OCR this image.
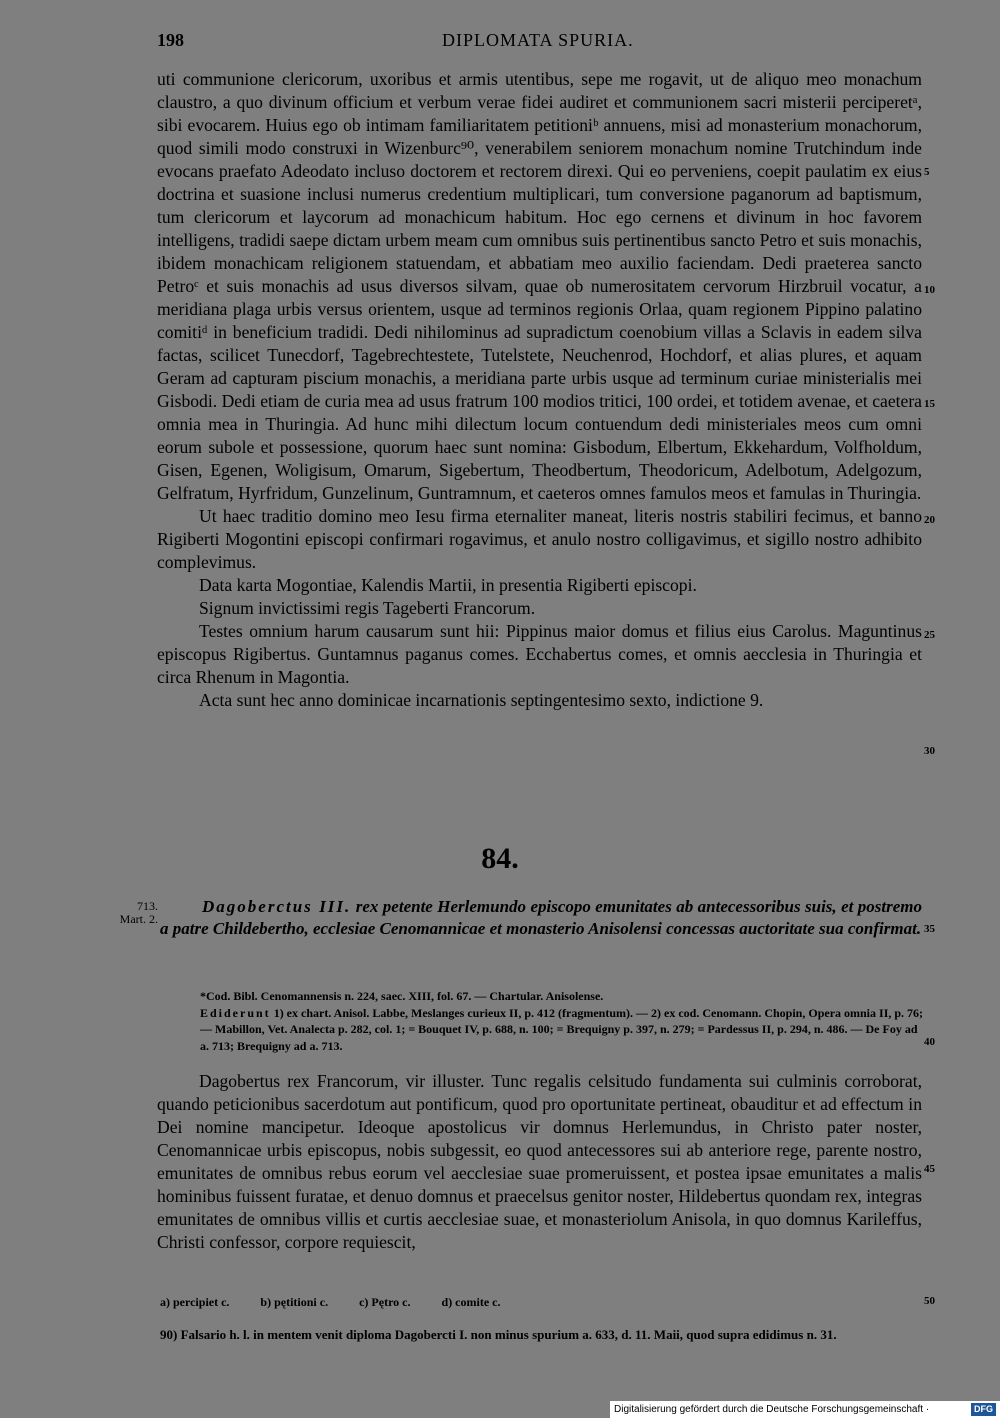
198	DIPLOMATA SPURIA.

uti communione clericorum, uxoribus et armis utentibus, sepe me rogavit, ut de aliquo meo monachum claustro, a quo divinum officium et verbum verae fidei audiret et communionem sacri misterii perciperetᵃ, sibi evocarem. Huius ego ob intimam familiaritatem petitioniᵇ annuens, misi ad monasterium monachorum, quod simili modo construxi in Wizenburc⁹⁰, venerabilem seniorem monachum nomine Trutchindum inde evocans praefato Adeodato incluso doctorem et rectorem direxi. Qui eo perveniens, coepit paulatim ex eius doctrina et suasione inclusi numerus credentium multiplicari, tum conversione paganorum ad baptismum, tum clericorum et laycorum ad monachicum habitum. Hoc ego cernens et divinum in hoc favorem intelligens, tradidi saepe dictam urbem meam cum omnibus suis pertinentibus sancto Petro et suis monachis, ibidem monachicam religionem statuendam, et abbatiam meo auxilio faciendam. Dedi praeterea sancto Petroᶜ et suis monachis ad usus diversos silvam, quae ob numerositatem cervorum Hirzbruil vocatur, a meridiana plaga urbis versus orientem, usque ad terminos regionis Orlaa, quam regionem Pippino palatino comitiᵈ in beneficium tradidi. Dedi nihilominus ad supradictum coenobium villas a Sclavis in eadem silva factas, scilicet Tunecdorf, Tagebrechtestete, Tutelstete, Neuchenrod, Hochdorf, et alias plures, et aquam Geram ad capturam piscium monachis, a meridiana parte urbis usque ad terminum curiae ministerialis mei Gisbodi. Dedi etiam de curia mea ad usus fratrum 100 modios tritici, 100 ordei, et totidem avenae, et caetera omnia mea in Thuringia. Ad hunc mihi dilectum locum contuendum dedi ministeriales meos cum omni eorum subole et possessione, quorum haec sunt nomina: Gisbodum, Elbertum, Ekkehardum, Volfholdum, Gisen, Egenen, Woligisum, Omarum, Sigebertum, Theodbertum, Theodoricum, Adelbotum, Adelgozum, Gelfratum, Hyrfridum, Gunzelinum, Guntramnum, et caeteros omnes famulos meos et famulas in Thuringia.

Ut haec traditio domino meo Iesu firma eternaliter maneat, literis nostris stabiliri fecimus, et banno Rigiberti Mogontini episcopi confirmari rogavimus, et anulo nostro colligavimus, et sigillo nostro adhibito complevimus.

Data karta Mogontiae, Kalendis Martii, in presentia Rigiberti episcopi.

Signum invictissimi regis Tageberti Francorum.

Testes omnium harum causarum sunt hii: Pippinus maior domus et filius eius Carolus. Maguntinus episcopus Rigibertus. Guntamnus paganus comes. Ecchabertus comes, et omnis aecclesia in Thuringia et circa Rhenum in Magontia.

Acta sunt hec anno dominicae incarnationis septingentesimo sexto, indictione 9.

5
10
15
20
25
30
35
40
45
50
84.
713.
Mart. 2.

Dagoberctus III. rex petente Herlemundo episcopo emunitates ab antecessoribus suis, et postremo a patre Childebertho, ecclesiae Cenomannicae et monasterio Anisolensi concessas auctoritate sua confirmat.

*Cod. Bibl. Cenomannensis n. 224, saec. XIII, fol. 67. — Chartular. Anisolense.

Ediderunt 1) ex chart. Anisol. Labbe, Meslanges curieux II, p. 412 (fragmentum). — 2) ex cod. Cenomann. Chopin, Opera omnia II, p. 76; — Mabillon, Vet. Analecta p. 282, col. 1; = Bouquet IV, p. 688, n. 100; = Brequigny p. 397, n. 279; = Pardessus II, p. 294, n. 486. — De Foy ad a. 713; Brequigny ad a. 713.

Dagobertus rex Francorum, vir illuster. Tunc regalis celsitudo fundamenta sui culminis corroborat, quando peticionibus sacerdotum aut pontificum, quod pro oportunitate pertineat, obauditur et ad effectum in Dei nomine mancipetur. Ideoque apostolicus vir domnus Herlemundus, in Christo pater noster, Cenomannicae urbis episcopus, nobis subgessit, eo quod antecessores sui ab anteriore rege, parente nostro, emunitates de omnibus rebus eorum vel aecclesiae suae promeruissent, et postea ipsae emunitates a malis hominibus fuissent furatae, et denuo domnus et praecelsus genitor noster, Hildebertus quondam rex, integras emunitates de omnibus villis et curtis aecclesiae suae, et monasteriolum Anisola, in quo domnus Karileffus, Christi confessor, corpore requiescit,

a) percipiet c.	b) pętitioni c.	c) Pętro c.	d) comite c.
90) Falsario h. l. in mentem venit diploma Dagobercti I. non minus spurium a. 633, d. 11. Maii, quod supra edidimus n. 31.
Digitalisierung gefördert durch die Deutsche Forschungsgemeinschaft ·	DFG
